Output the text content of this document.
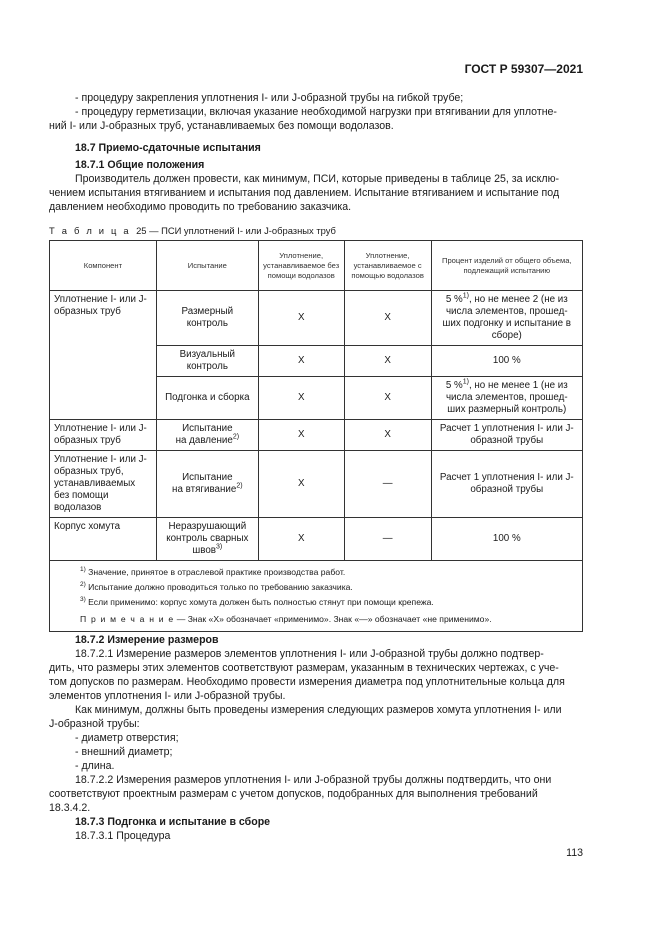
ГОСТ Р 59307—2021
- процедуру закрепления уплотнения I- или J-образной трубы на гибкой трубе;
- процедуру герметизации, включая указание необходимой нагрузки при втягивании для уплотне-
ний I- или J-образных труб, устанавливаемых без помощи водолазов.
18.7 Приемо-сдаточные испытания
18.7.1 Общие положения
Производитель должен провести, как минимум, ПСИ, которые приведены в таблице 25, за исклю-
чением испытания втягиванием и испытания под давлением. Испытание втягиванием и испытание под
давлением необходимо проводить по требованию заказчика.
Т а б л и ц а 25 — ПСИ уплотнений I- или J-образных труб
Компонент	Испытание	Уплотнение, устанавливаемое без помощи водолазов	Уплотнение, устанавливаемое с помощью водолазов	Процент изделий от общего объема, подлежащий испытанию
Уплотнение I- или J-образных труб	Размерный контроль	X	X	5 %$^{1)}$, но не менее 2 (не из числа элементов, прошед- ших подгонку и испытание в сборе)
	Визуальный контроль	X	X	100 %
	Подгонка и сборка	X	X	5 %$^{1)}$, но не менее 1 (не из числа элементов, прошед- ших размерный контроль)
Уплотнение I- или J-образных труб	Испытание
на давление$^{2)}$	X	X	Расчет 1 уплотнения I- или J-образной трубы
Уплотнение I- или J-образных труб, устанавливаемых без помощи водолазов	Испытание
на втягивание$^{2)}$	X	—	Расчет 1 уплотнения I- или J-образной трубы
Корпус хомута	Неразрушающий контроль сварных
швов$^{3)}$	X	—	100 %

$^{1)}$ Значение, принятое в отраслевой практике производства работ.
$^{2)}$ Испытание должно проводиться только по требованию заказчика.
$^{3)}$ Если применимо: корпус хомута должен быть полностью стянут при помощи крепежа.
П р и м е ч а н и е — Знак «X» обозначает «применимо». Знак «—» обозначает «не применимо».				
18.7.2 Измерение размеров
18.7.2.1 Измерение размеров элементов уплотнения I- или J-образной трубы должно подтвер-
дить, что размеры этих элементов соответствуют размерам, указанным в технических чертежах, с уче-
том допусков по размерам. Необходимо провести измерения диаметра под уплотнительные кольца для
элементов уплотнения I- или J-образной трубы.
Как минимум, должны быть проведены измерения следующих размеров хомута уплотнения I- или
J-образной трубы:
- диаметр отверстия;
- внешний диаметр;
- длина.
18.7.2.2 Измерения размеров уплотнения I- или J-образной трубы должны подтвердить, что они
соответствуют проектным размерам с учетом допусков, подобранных для выполнения требований
18.3.4.2.
18.7.3 Подгонка и испытание в сборе
18.7.3.1 Процедура
113
